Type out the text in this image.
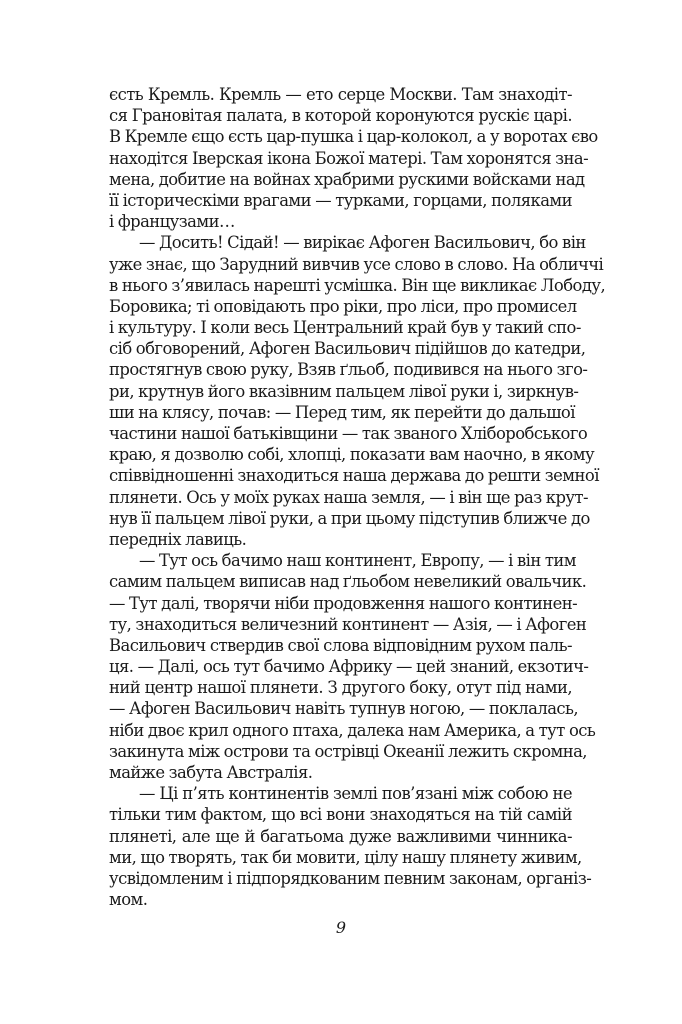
єсть Кремль. Кремль — ето серце Москви. Там знаходіт-
ся Грановітая палата, в которой коронуются рускіє царі.
В Кремле єщо єсть цар-пушка і цар-колокол, а у воротах єво
находітся Іверская ікона Божої матері. Там хоронятся зна-
мена, добитие на войнах храбрими рускими войсками над
її історическіми врагами — турками, горцами, поляками
і французами…
— Досить! Сідай! — вирікає Афоген Васильович, бо він
уже знає, що Зарудний вивчив усе слово в слово. На обличчі
в нього з’явилась нарешті усмішка. Він ще викликає Лободу,
Боровика; ті оповідають про ріки, про ліси, про промисел
і культуру. І коли весь Центральний край був у такий спо-
сіб обговорений, Афоген Васильович підійшов до катедри,
простягнув свою руку, Взяв ґльоб, подивився на нього зго-
ри, крутнув його вказівним пальцем лівої руки і, зиркнув-
ши на клясу, почав: — Перед тим, як перейти до дальшої
частини нашої батьківщини — так званого Хліборобського
краю, я дозволю собі, хлопці, показати вам наочно, в якому
співвідношенні знаходиться наша держава до решти земної
плянети. Ось у моїх руках наша земля, — і він ще раз крут-
нув її пальцем лівої руки, а при цьому підступив ближче до
передніх лавиць.
— Тут ось бачимо наш континент, Европу, — і він тим
самим пальцем виписав над ґльобом невеликий овальчик.
— Тут далі, творячи ніби продовження нашого континен-
ту, знаходиться величезний континент — Азія, — і Афоген
Васильович ствердив свої слова відповідним рухом паль-
ця. — Далі, ось тут бачимо Африку — цей знаний, екзотич-
ний центр нашої плянети. З другого боку, отут під нами,
— Афоген Васильович навіть тупнув ногою, — поклалась,
ніби двоє крил одного птаха, далека нам Америка, а тут ось
закинута між острови та острівці Океанії лежить скромна,
майже забута Австралія.
— Ці п’ять континентів землі пов’язані між собою не
тільки тим фактом, що всі вони знаходяться на тій самій
плянеті, але ще й багатьома дуже важливими чинника-
ми, що творять, так би мовити, цілу нашу плянету живим,
усвідомленим і підпорядкованим певним законам, організ-
мом.
9
